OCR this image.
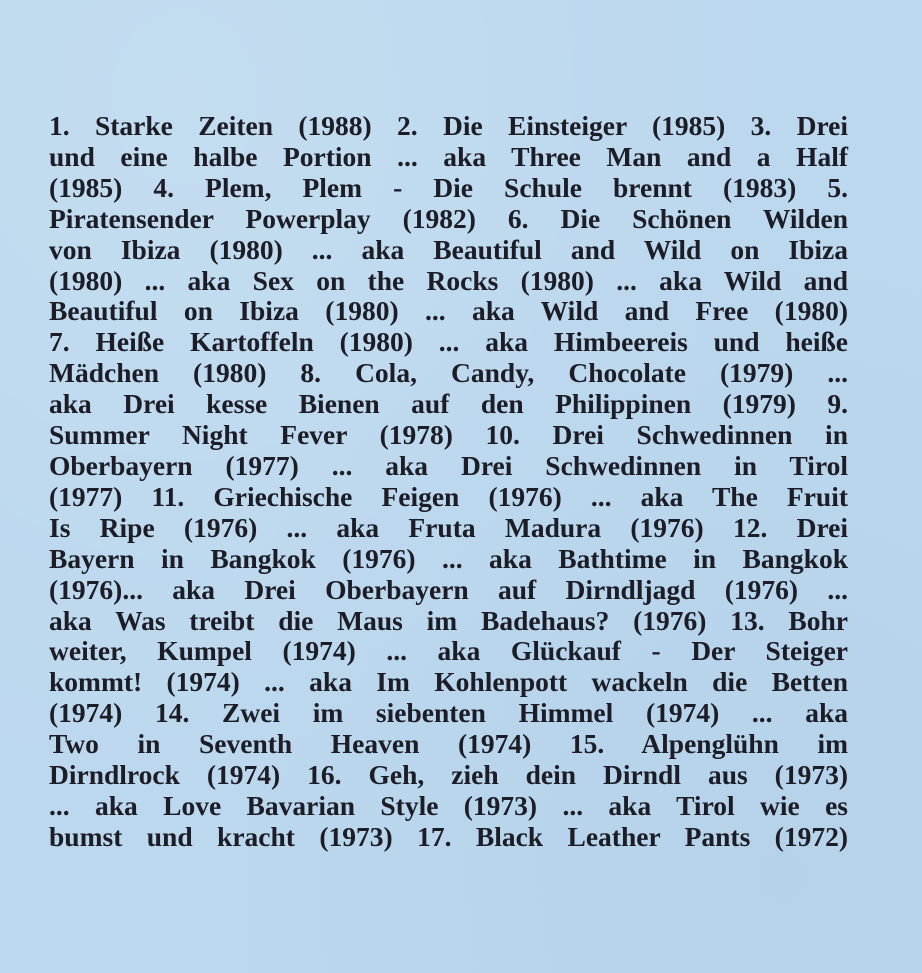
1. Starke Zeiten (1988) 2. Die Einsteiger (1985) 3. Drei
und eine halbe Portion ... aka Three Man and a Half
(1985) 4. Plem, Plem - Die Schule brennt (1983) 5.
Piratensender Powerplay (1982) 6. Die Schönen Wilden
von Ibiza (1980) ... aka Beautiful and Wild on Ibiza
(1980) ... aka Sex on the Rocks (1980) ... aka Wild and
Beautiful on Ibiza (1980) ... aka Wild and Free (1980)
7. Heiße Kartoffeln (1980) ... aka Himbeereis und heiße
Mädchen (1980) 8. Cola, Candy, Chocolate (1979) ...
aka Drei kesse Bienen auf den Philippinen (1979) 9.
Summer Night Fever (1978) 10. Drei Schwedinnen in
Oberbayern (1977) ... aka Drei Schwedinnen in Tirol
(1977) 11. Griechische Feigen (1976) ... aka The Fruit
Is Ripe (1976) ... aka Fruta Madura (1976) 12. Drei
Bayern in Bangkok (1976) ... aka Bathtime in Bangkok
(1976)... aka Drei Oberbayern auf Dirndljagd (1976) ...
aka Was treibt die Maus im Badehaus? (1976) 13. Bohr
weiter, Kumpel (1974) ... aka Glückauf - Der Steiger
kommt! (1974) ... aka Im Kohlenpott wackeln die Betten
(1974) 14. Zwei im siebenten Himmel (1974) ... aka
Two in Seventh Heaven (1974) 15. Alpenglühn im
Dirndlrock (1974) 16. Geh, zieh dein Dirndl aus (1973)
... aka Love Bavarian Style (1973) ... aka Tirol wie es
bumst und kracht (1973) 17. Black Leather Pants (1972)
